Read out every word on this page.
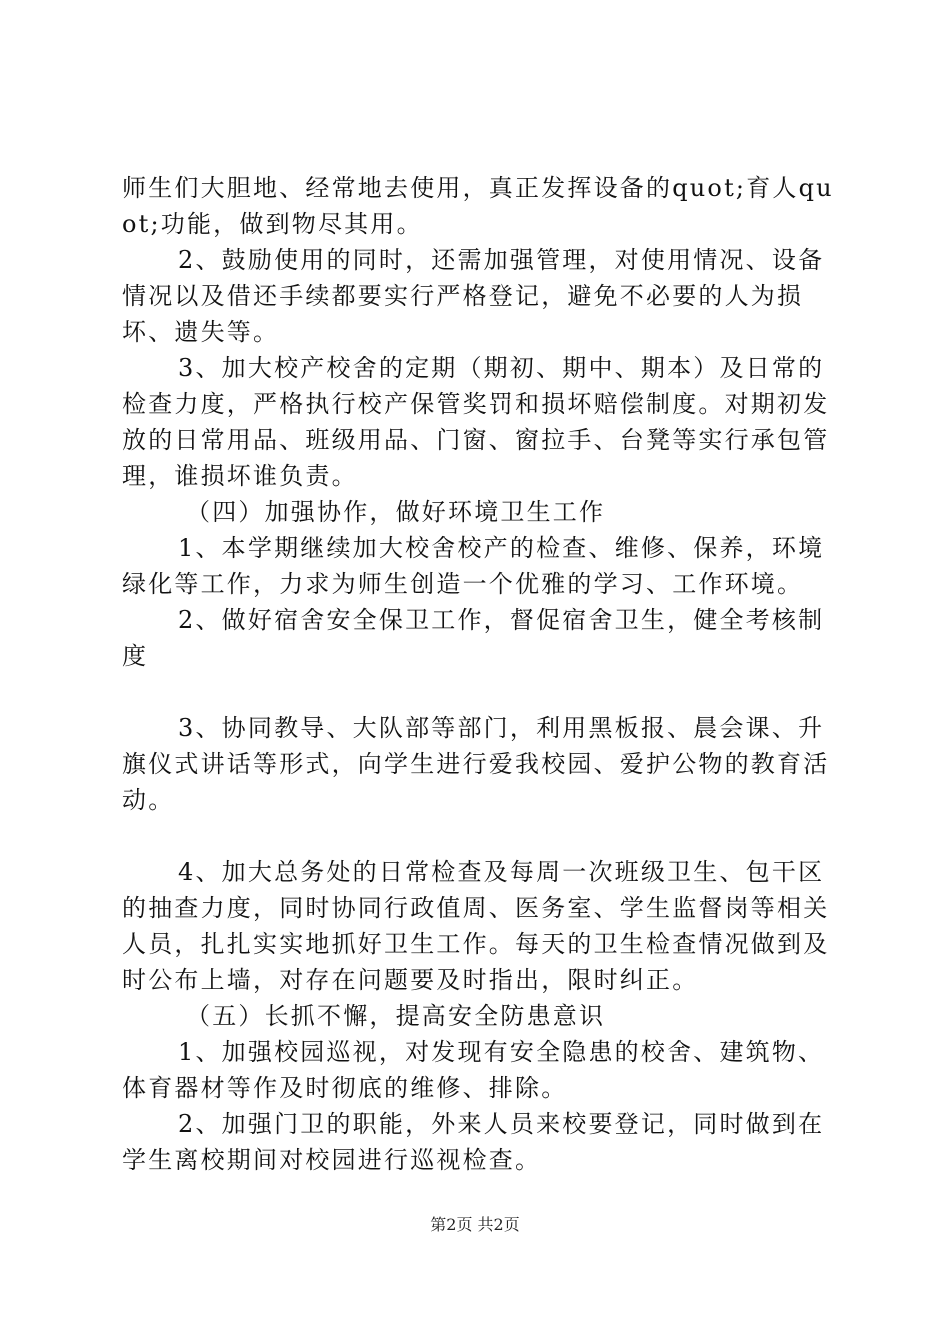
师生们大胆地、经常地去使用，真正发挥设备的quot;育人quot;功能，做到物尽其用。

2、鼓励使用的同时，还需加强管理，对使用情况、设备情况以及借还手续都要实行严格登记，避免不必要的人为损坏、遗失等。

3、加大校产校舍的定期（期初、期中、期本）及日常的检查力度，严格执行校产保管奖罚和损坏赔偿制度。对期初发放的日常用品、班级用品、门窗、窗拉手、台凳等实行承包管理，谁损坏谁负责。

（四）加强协作，做好环境卫生工作

1、本学期继续加大校舍校产的检查、维修、保养，环境绿化等工作，力求为师生创造一个优雅的学习、工作环境。

2、做好宿舍安全保卫工作，督促宿舍卫生，健全考核制度

3、协同教导、大队部等部门，利用黑板报、晨会课、升旗仪式讲话等形式，向学生进行爱我校园、爱护公物的教育活动。

4、加大总务处的日常检查及每周一次班级卫生、包干区的抽查力度，同时协同行政值周、医务室、学生监督岗等相关人员，扎扎实实地抓好卫生工作。每天的卫生检查情况做到及时公布上墙，对存在问题要及时指出，限时纠正。

（五）长抓不懈，提高安全防患意识

1、加强校园巡视，对发现有安全隐患的校舍、建筑物、体育器材等作及时彻底的维修、排除。

2、加强门卫的职能，外来人员来校要登记，同时做到在学生离校期间对校园进行巡视检查。

第2页 共2页
